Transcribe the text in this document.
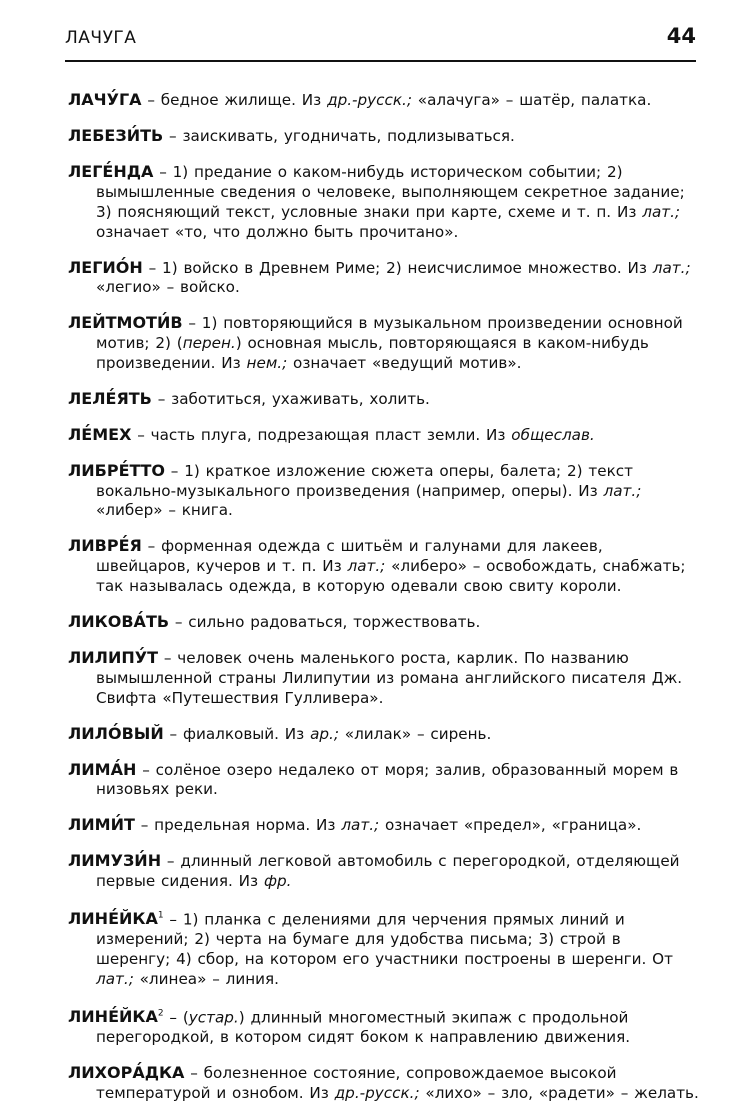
ЛАЧУГА	44

ЛАЧУ́ГА – бедное жилище. Из др.-русск.; «алачуга» – шатёр, палатка.

ЛЕБЕЗИ́ТЬ – заискивать, угодничать, подлизываться.

ЛЕГЕ́НДА – 1) предание о каком-нибудь историческом событии; 2) вымышленные сведения о человеке, выполняющем секретное задание; 3) поясняющий текст, условные знаки при карте, схеме и т. п. Из лат.; означает «то, что должно быть прочитано».

ЛЕГИО́Н – 1) войско в Древнем Риме; 2) неисчислимое множество. Из лат.; «легио» – войско.

ЛЕЙТМОТИ́В – 1) повторяющийся в музыкальном произведении основной мотив; 2) (перен.) основная мысль, повторяющаяся в каком-нибудь произведении. Из нем.; означает «ведущий мотив».

ЛЕЛЕ́ЯТЬ – заботиться, ухаживать, холить.

ЛЕ́МЕХ – часть плуга, подрезающая пласт земли. Из общеслав.

ЛИБРЕ́ТТО – 1) краткое изложение сюжета оперы, балета; 2) текст вокально-музыкального произведения (например, оперы). Из лат.; «либер» – книга.

ЛИВРЕ́Я – форменная одежда с шитьём и галунами для лакеев, швейцаров, кучеров и т. п. Из лат.; «либеро» – освобождать, снабжать; так называлась одежда, в которую одевали свою свиту короли.

ЛИКОВА́ТЬ – сильно радоваться, торжествовать.

ЛИЛИПУ́Т – человек очень маленького роста, карлик. По названию вымышленной страны Лилипутии из романа английского писателя Дж. Свифта «Путешествия Гулливера».

ЛИЛО́ВЫЙ – фиалковый. Из ар.; «лилак» – сирень.

ЛИМА́Н – солёное озеро недалеко от моря; залив, образованный морем в низовьях реки.

ЛИМИ́Т – предельная норма. Из лат.; означает «предел», «граница».

ЛИМУЗИ́Н – длинный легковой автомобиль с перегородкой, отделяющей первые сидения. Из фр.

ЛИНЕ́ЙКА$^1$ – 1) планка с делениями для черчения прямых линий и измерений; 2) черта на бумаге для удобства письма; 3) строй в шеренгу; 4) сбор, на котором его участники построены в шеренги. От лат.; «линеа» – линия.

ЛИНЕ́ЙКА$^2$ – (устар.) длинный многоместный экипаж с продольной перегородкой, в котором сидят боком к направлению движения.

ЛИХОРА́ДКА – болезненное состояние, сопровождаемое высокой температурой и ознобом. Из др.-русск.; «лихо» – зло, «радети» – желать.
